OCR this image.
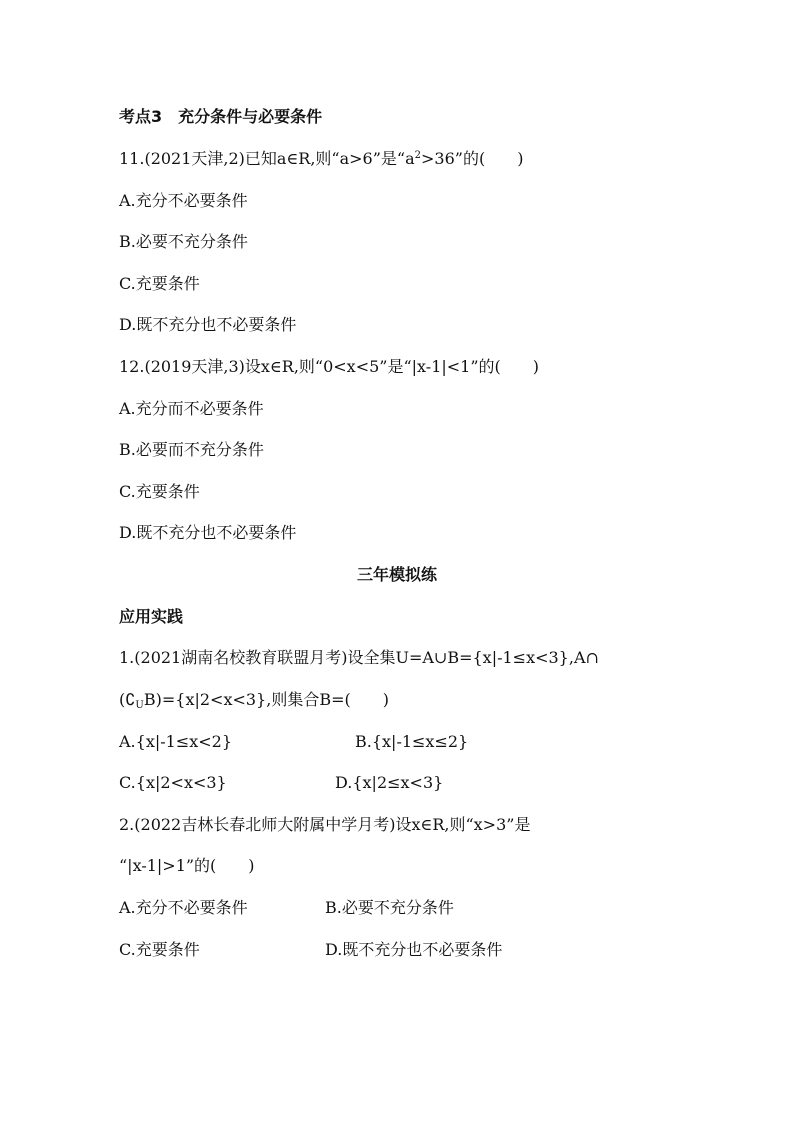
考点3　充分条件与必要条件
11.(2021天津,2)已知a∈R,则“a>6”是“$a^2>36$”的(　　)
A.充分不必要条件
B.必要不充分条件
C.充要条件
D.既不充分也不必要条件
12.(2019天津,3)设x∈R,则“0<x<5”是“|x-1|<1”的(　　)
A.充分而不必要条件
B.必要而不充分条件
C.充要条件
D.既不充分也不必要条件
三年模拟练
应用实践
1.(2021湖南名校教育联盟月考)设全集U=A∪B={x|-1≤x<3},A∩
$(∁_UB)=\{x|2<x<3\}$,则集合B=(　　)
A.{x|-1≤x<2}	B.{x|-1≤x≤2}
C.{x|2<x<3}	D.{x|2≤x<3}
2.(2022吉林长春北师大附属中学月考)设x∈R,则“x>3”是
“|x-1|>1”的(　　)
A.充分不必要条件	B.必要不充分条件
C.充要条件	D.既不充分也不必要条件
